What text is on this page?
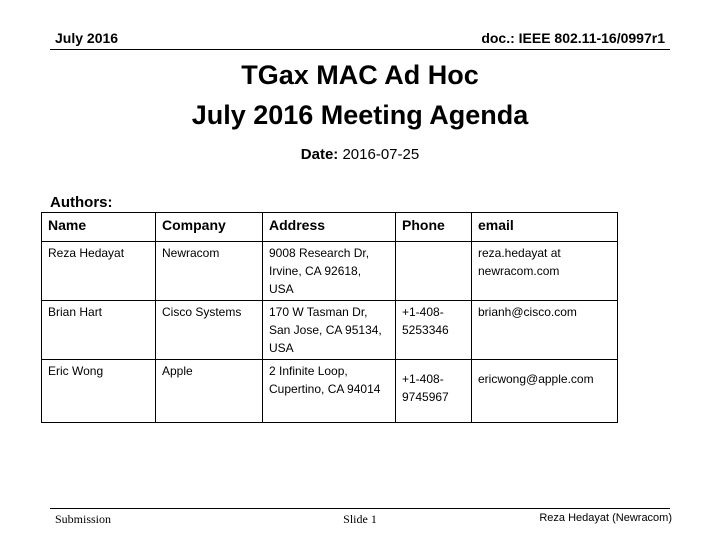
July 2016	doc.: IEEE 802.11-16/0997r1
TGax MAC Ad Hoc
July 2016 Meeting Agenda
Date: 2016-07-25
Authors:
Name	Company	Address	Phone	email
Reza Hedayat	Newracom	9008 Research Dr, Irvine, CA 92618, USA		reza.hedayat at newracom.com
Brian Hart	Cisco Systems	170 W Tasman Dr, San Jose, CA 95134, USA	+1-408-5253346	brianh@cisco.com
Eric Wong	Apple	2 Infinite Loop, Cupertino, CA 94014	+1-408-9745967	ericwong@apple.com
Submission	Slide 1	Reza Hedayat (Newracom)
